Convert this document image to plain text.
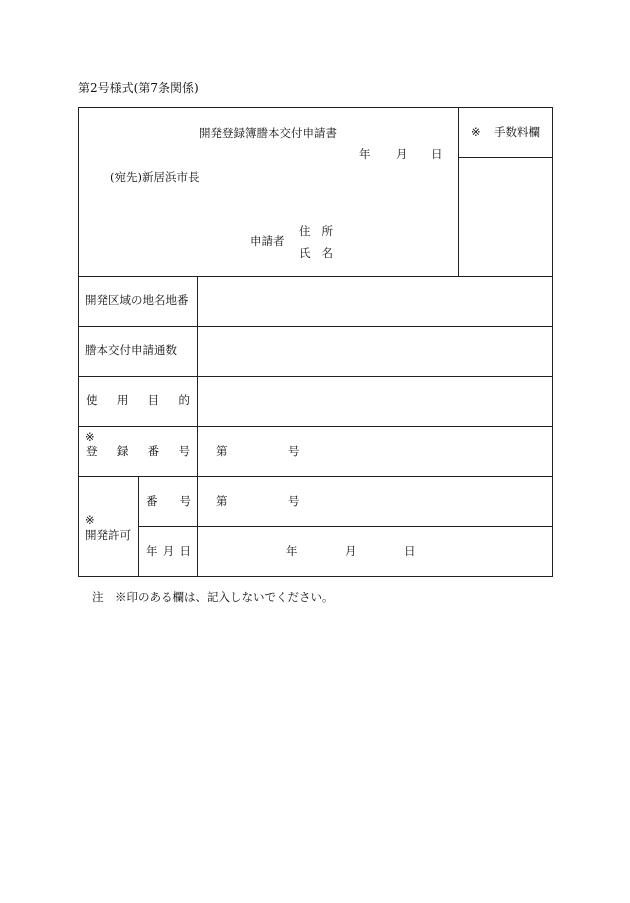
第2号様式(第7条関係)
開発登録簿謄本交付申請書
年 月 日
(宛先)新居浜市長
申請者
住 所
氏 名
※ 手数料欄
開発区域の地名地番
謄本交付申請通数
使 用 目 的
※
登 録 番 号 第	号
※
開発許可
番 号 第	号
年 月 日	年	月	日
注　※印のある欄は、記入しないでください。
